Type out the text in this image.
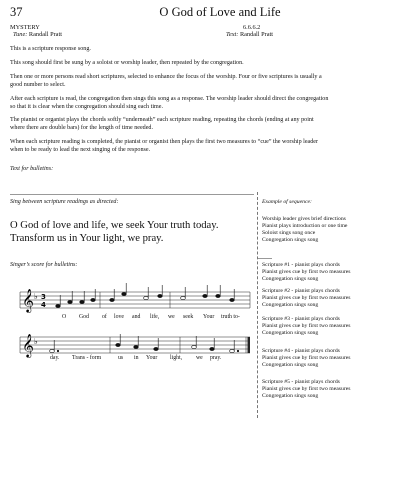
37	O God of Love and Life
MYSTERY	6.6.6.2
Tune: Randall Pratt	Text: Randall Pratt

This is a scripture response song.

This song should first be sung by a soloist or worship leader, then repeated by the congregation.

Then one or more persons read short scriptures, selected to enhance the focus of the worship. Four or five scriptures is usually a good number to select.

After each scripture is read, the congregation then sings this song as a response. The worship leader should direct the congregation so that it is clear when the congregation should sing each time.

The pianist or organist plays the chords softly “underneath” each scripture reading, repeating the chords (ending at any point where there are double bars) for the length of time needed.

When each scripture reading is completed, the pianist or organist then plays the first two measures to “cue” the worship leader when to be ready to lead the next singing of the response.

Text for bulletins:
Sing between scripture readings as directed:
O God of love and life, we seek Your truth today.
Transform us in Your light, we pray.
Singer’s score for bulletins:
𝄞
𝄞
♭
♭
3
4
O God of love and life, we seek Your truth to-
day. Trans - form	us in Your light, we pray.
Example of sequence:
Worship leader gives brief directions
Pianist plays introduction or one time
Soloist sings song once
Congregation sings song
Scripture #1 - pianist plays chords
Pianist gives cue by first two measures
Congregation sings song
Scripture #2 - pianist plays chords
Pianist gives cue by first two measures
Congregation sings song
Scripture #3 - pianist plays chords
Pianist gives cue by first two measures
Congregation sings song
Scripture #4 - pianist plays chords
Pianist gives cue by first two measures
Congregation sings song
Scripture #5 - pianist plays chords
Pianist gives cue by first two measures
Congregation sings song
